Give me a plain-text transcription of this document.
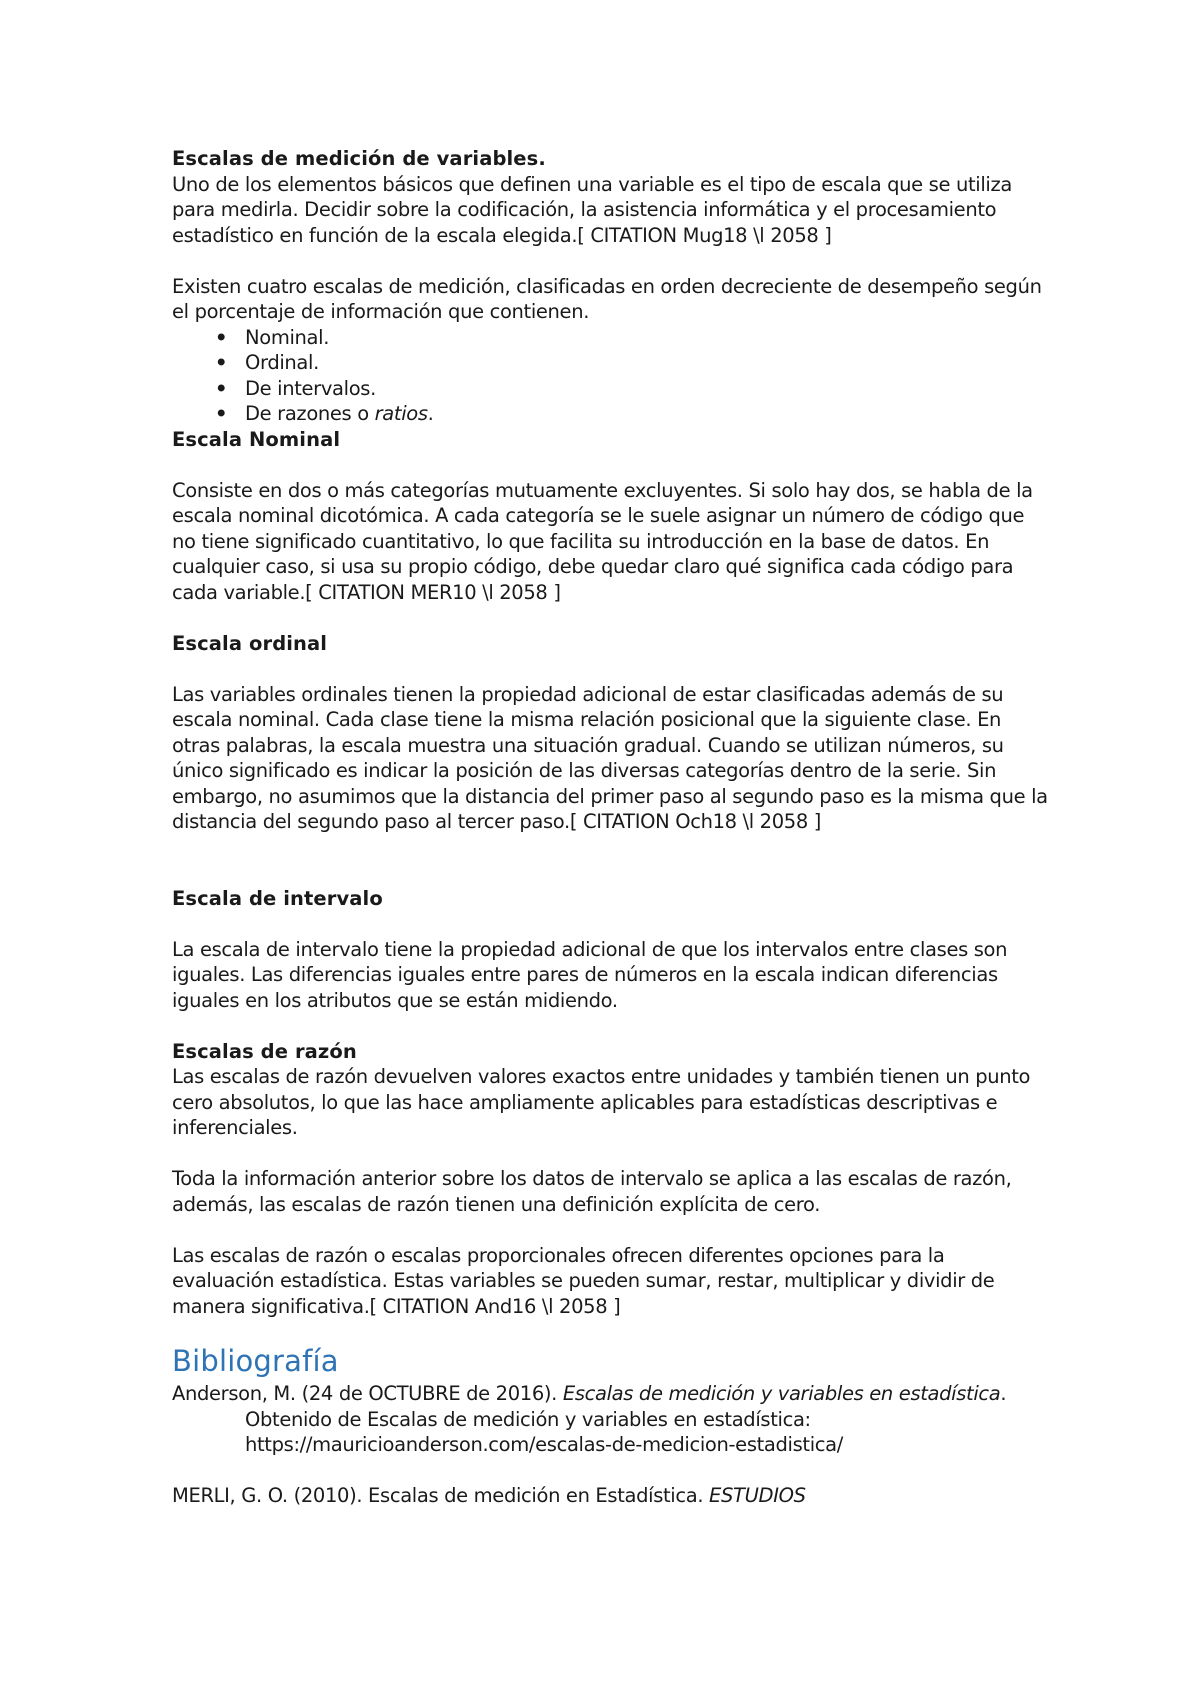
Escalas de medición de variables.

Uno de los elementos básicos que definen una variable es el tipo de escala que se utiliza para medirla. Decidir sobre la codificación, la asistencia informática y el procesamiento estadístico en función de la escala elegida.[ CITATION Mug18 \l 2058 ]

Existen cuatro escalas de medición, clasificadas en orden decreciente de desempeño según el porcentaje de información que contienen.

• Nominal.
• Ordinal.
• De intervalos.
• De razones o ratios.

Escala Nominal

Consiste en dos o más categorías mutuamente excluyentes. Si solo hay dos, se habla de la escala nominal dicotómica. A cada categoría se le suele asignar un número de código que no tiene significado cuantitativo, lo que facilita su introducción en la base de datos. En cualquier caso, si usa su propio código, debe quedar claro qué significa cada código para cada variable.[ CITATION MER10 \l 2058 ]

Escala ordinal

Las variables ordinales tienen la propiedad adicional de estar clasificadas además de su escala nominal. Cada clase tiene la misma relación posicional que la siguiente clase. En otras palabras, la escala muestra una situación gradual. Cuando se utilizan números, su único significado es indicar la posición de las diversas categorías dentro de la serie. Sin embargo, no asumimos que la distancia del primer paso al segundo paso es la misma que la distancia del segundo paso al tercer paso.[ CITATION Och18 \l 2058 ]

Escala de intervalo

La escala de intervalo tiene la propiedad adicional de que los intervalos entre clases son iguales. Las diferencias iguales entre pares de números en la escala indican diferencias iguales en los atributos que se están midiendo.

Escalas de razón

Las escalas de razón devuelven valores exactos entre unidades y también tienen un punto cero absolutos, lo que las hace ampliamente aplicables para estadísticas descriptivas e inferenciales.

Toda la información anterior sobre los datos de intervalo se aplica a las escalas de razón, además, las escalas de razón tienen una definición explícita de cero.

Las escalas de razón o escalas proporcionales ofrecen diferentes opciones para la evaluación estadística. Estas variables se pueden sumar, restar, multiplicar y dividir de manera significativa.[ CITATION And16 \l 2058 ]

Bibliografía

Anderson, M. (24 de OCTUBRE de 2016). Escalas de medición y variables en estadística. Obtenido de Escalas de medición y variables en estadística: https://mauricioanderson.com/escalas-de-medicion-estadistica/

MERLI, G. O. (2010). Escalas de medición en Estadística. ESTUDIOS
